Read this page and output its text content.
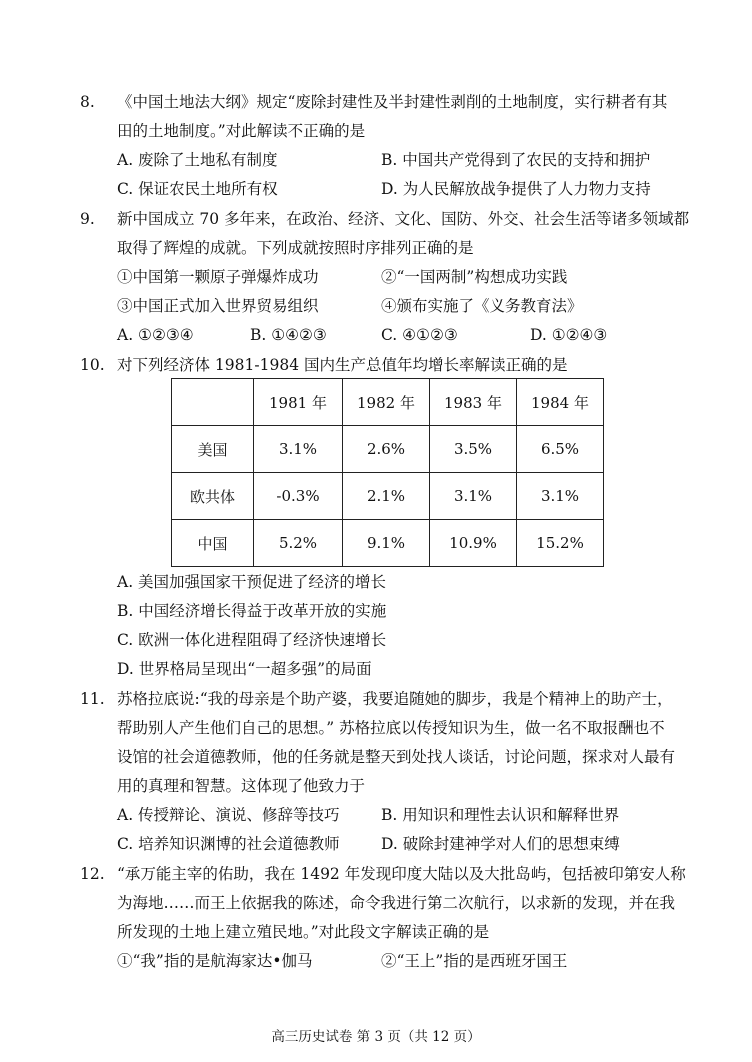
8. 《中国土地法大纲》规定“废除封建性及半封建性剥削的土地制度，实行耕者有其
田的土地制度。”对此解读不正确的是
A. 废除了土地私有制度	B. 中国共产党得到了农民的支持和拥护
C. 保证农民土地所有权	D. 为人民解放战争提供了人力物力支持
9. 新中国成立 70 多年来，在政治、经济、文化、国防、外交、社会生活等诸多领域都
取得了辉煌的成就。下列成就按照时序排列正确的是
①中国第一颗原子弹爆炸成功	②“一国两制”构想成功实践
③中国正式加入世界贸易组织	④颁布实施了《义务教育法》
A. ①②③④	B. ①④②③	C. ④①②③	D. ①②④③
10. 对下列经济体 1981-1984 国内生产总值年均增长率解读正确的是
	1981 年	1982 年	1983 年	1984 年
美国	3.1%	2.6%	3.5%	6.5%
欧共体	-0.3%	2.1%	3.1%	3.1%
中国	5.2%	9.1%	10.9%	15.2%
A. 美国加强国家干预促进了经济的增长
B. 中国经济增长得益于改革开放的实施
C. 欧洲一体化进程阻碍了经济快速增长
D. 世界格局呈现出“一超多强”的局面
11. 苏格拉底说:“我的母亲是个助产婆，我要追随她的脚步，我是个精神上的助产士，
帮助别人产生他们自己的思想。” 苏格拉底以传授知识为生，做一名不取报酬也不
设馆的社会道德教师，他的任务就是整天到处找人谈话，讨论问题，探求对人最有
用的真理和智慧。这体现了他致力于
A. 传授辩论、演说、修辞等技巧	B. 用知识和理性去认识和解释世界
C. 培养知识渊博的社会道德教师	D. 破除封建神学对人们的思想束缚
12. “承万能主宰的佑助，我在 1492 年发现印度大陆以及大批岛屿，包括被印第安人称
为海地……而王上依据我的陈述，命令我进行第二次航行，以求新的发现，并在我
所发现的土地上建立殖民地。”对此段文字解读正确的是
①“我”指的是航海家达•伽马	②“王上”指的是西班牙国王
高三历史试卷 第 3 页（共 12 页）
